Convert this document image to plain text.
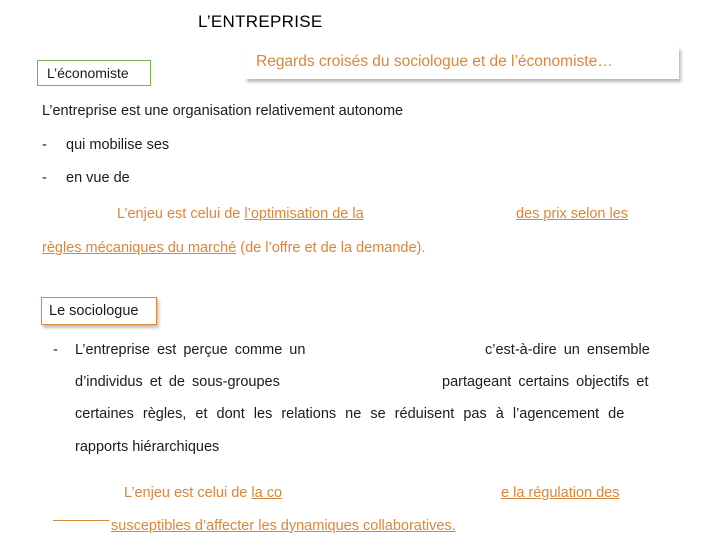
L’ENTREPRISE
L’économiste
Regards croisés du sociologue et de l’économiste…
L’entreprise est une organisation relativement autonome
- qui mobilise ses
- en vue de
L’enjeu est celui de l’optimisation de la	des prix selon les
règles mécaniques du marché (de l’offre et de la demande).
Le sociologue
- L’entreprise est perçue comme un	c’est-à-dire un ensemble
d’individus et de sous-groupes	partageant certains objectifs et
certaines règles, et dont les relations ne se réduisent pas à l’agencement de
rapports hiérarchiques
L’enjeu est celui de la co	e la régulation des
susceptibles d’affecter les dynamiques collaboratives.
